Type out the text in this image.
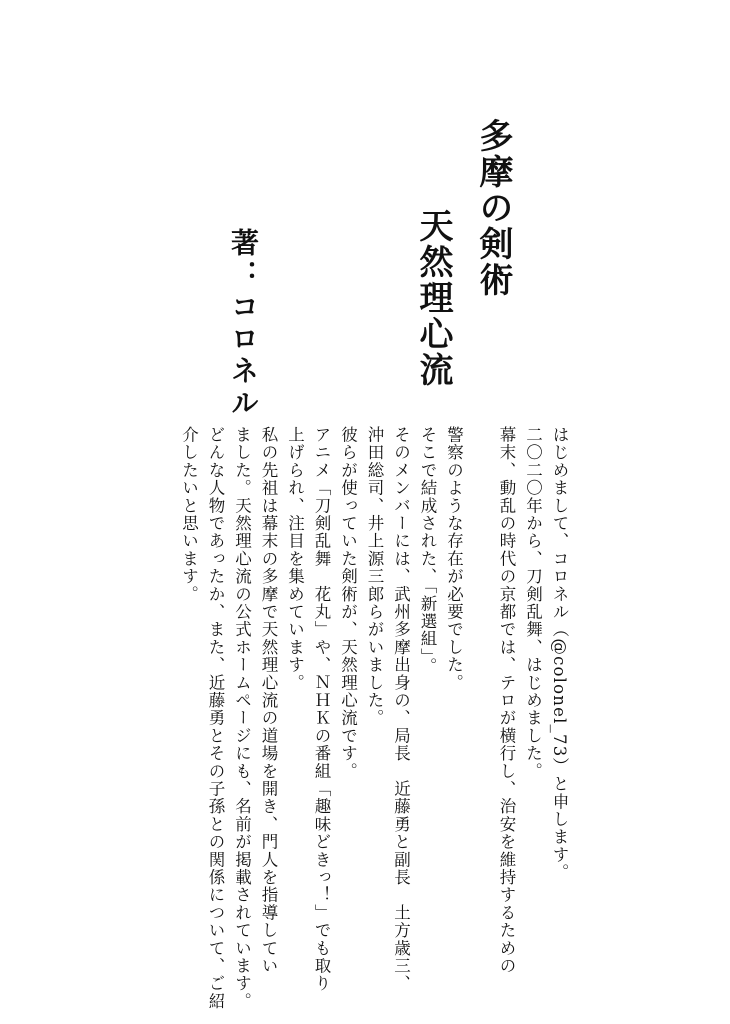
多摩の剣術
天然理心流
著：コロネル

はじめまして、コロネル（@colonel_73）と申します。

二〇二〇年から、刀剣乱舞、はじめました。

幕末、動乱の時代の京都では、テロが横行し、治安を維持するための

警察のような存在が必要でした。

そこで結成された、「新選組」。

そのメンバーには、武州多摩出身の、局長　近藤勇と副長　土方歳三、

沖田総司、井上源三郎らがいました。

彼らが使っていた剣術が、天然理心流です。

アニメ「刀剣乱舞　花丸」や、ＮＨＫの番組「趣味どきっ！」でも取り

上げられ、注目を集めています。

私の先祖は幕末の多摩で天然理心流の道場を開き、門人を指導してい

ました。天然理心流の公式ホームページにも、名前が掲載されています。

どんな人物であったか、また、近藤勇とその子孫との関係について、ご紹

介したいと思います。
